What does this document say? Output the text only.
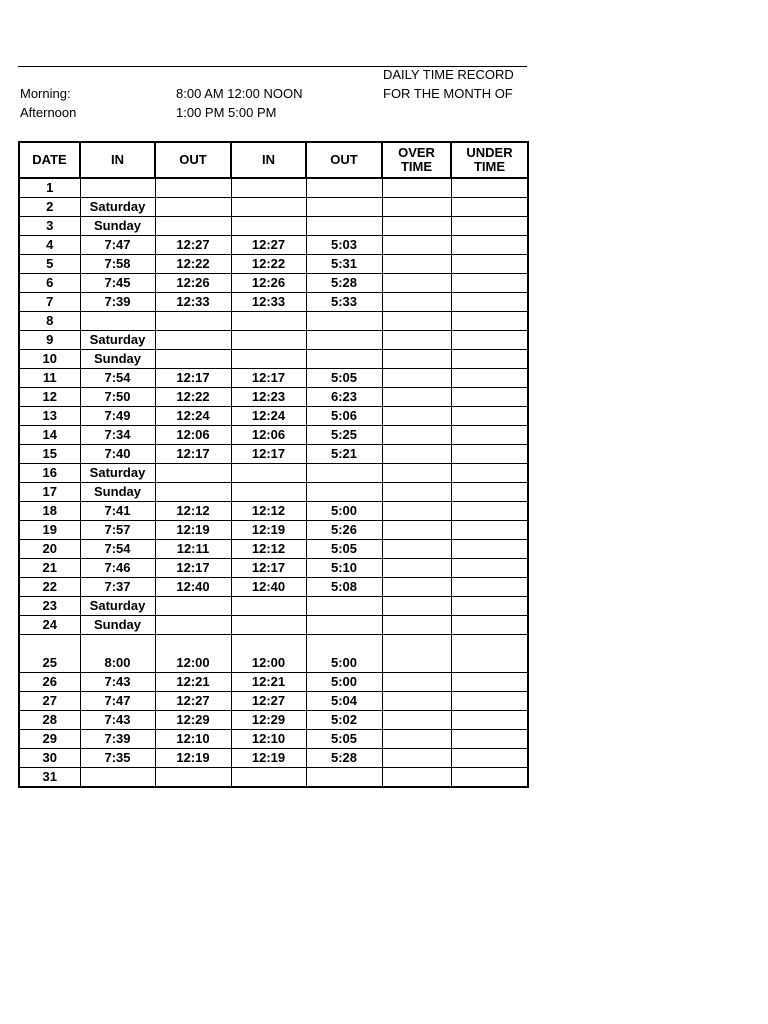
DAILY TIME RECORD
FOR THE MONTH OF
Morning:	8:00 AM 12:00 NOON
Afternoon	1:00 PM 5:00 PM
DATE	IN	OUT	IN	OUT	OVER TIME	UNDER TIME
1						
2	Saturday					
3	Sunday					
4	7:47	12:27	12:27	5:03		
5	7:58	12:22	12:22	5:31		
6	7:45	12:26	12:26	5:28		
7	7:39	12:33	12:33	5:33		
8						
9	Saturday					
10	Sunday					
11	7:54	12:17	12:17	5:05		
12	7:50	12:22	12:23	6:23		
13	7:49	12:24	12:24	5:06		
14	7:34	12:06	12:06	5:25		
15	7:40	12:17	12:17	5:21		
16	Saturday					
17	Sunday					
18	7:41	12:12	12:12	5:00		
19	7:57	12:19	12:19	5:26		
20	7:54	12:11	12:12	5:05		
21	7:46	12:17	12:17	5:10		
22	7:37	12:40	12:40	5:08		
23	Saturday					
24	Sunday					
25	8:00	12:00	12:00	5:00		
26	7:43	12:21	12:21	5:00		
27	7:47	12:27	12:27	5:04		
28	7:43	12:29	12:29	5:02		
29	7:39	12:10	12:10	5:05		
30	7:35	12:19	12:19	5:28		
31						
